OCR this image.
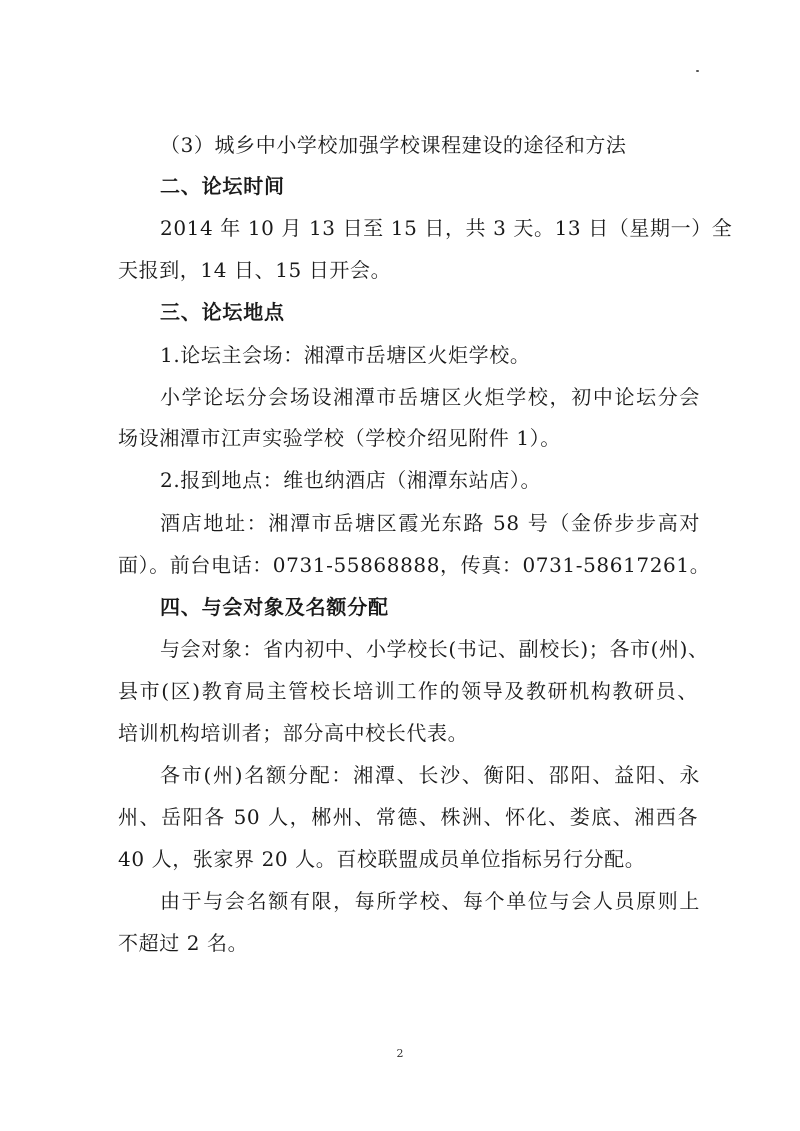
（3）城乡中小学校加强学校课程建设的途径和方法
二、论坛时间
2014 年 10 月 13 日至 15 日，共 3 天。13 日（星期一）全
天报到，14 日、15 日开会。
三、论坛地点
1.论坛主会场：湘潭市岳塘区火炬学校。
小学论坛分会场设湘潭市岳塘区火炬学校，初中论坛分会
场设湘潭市江声实验学校（学校介绍见附件 1）。
2.报到地点：维也纳酒店（湘潭东站店）。
酒店地址：湘潭市岳塘区霞光东路 58 号（金侨步步高对
面）。前台电话：0731-55868888，传真：0731-58617261。
四、与会对象及名额分配
与会对象：省内初中、小学校长(书记、副校长)；各市(州)、
县市(区)教育局主管校长培训工作的领导及教研机构教研员、
培训机构培训者；部分高中校长代表。
各市(州)名额分配：湘潭、长沙、衡阳、邵阳、益阳、永
州、岳阳各 50 人，郴州、常德、株洲、怀化、娄底、湘西各
40 人，张家界 20 人。百校联盟成员单位指标另行分配。
由于与会名额有限，每所学校、每个单位与会人员原则上
不超过 2 名。
2
